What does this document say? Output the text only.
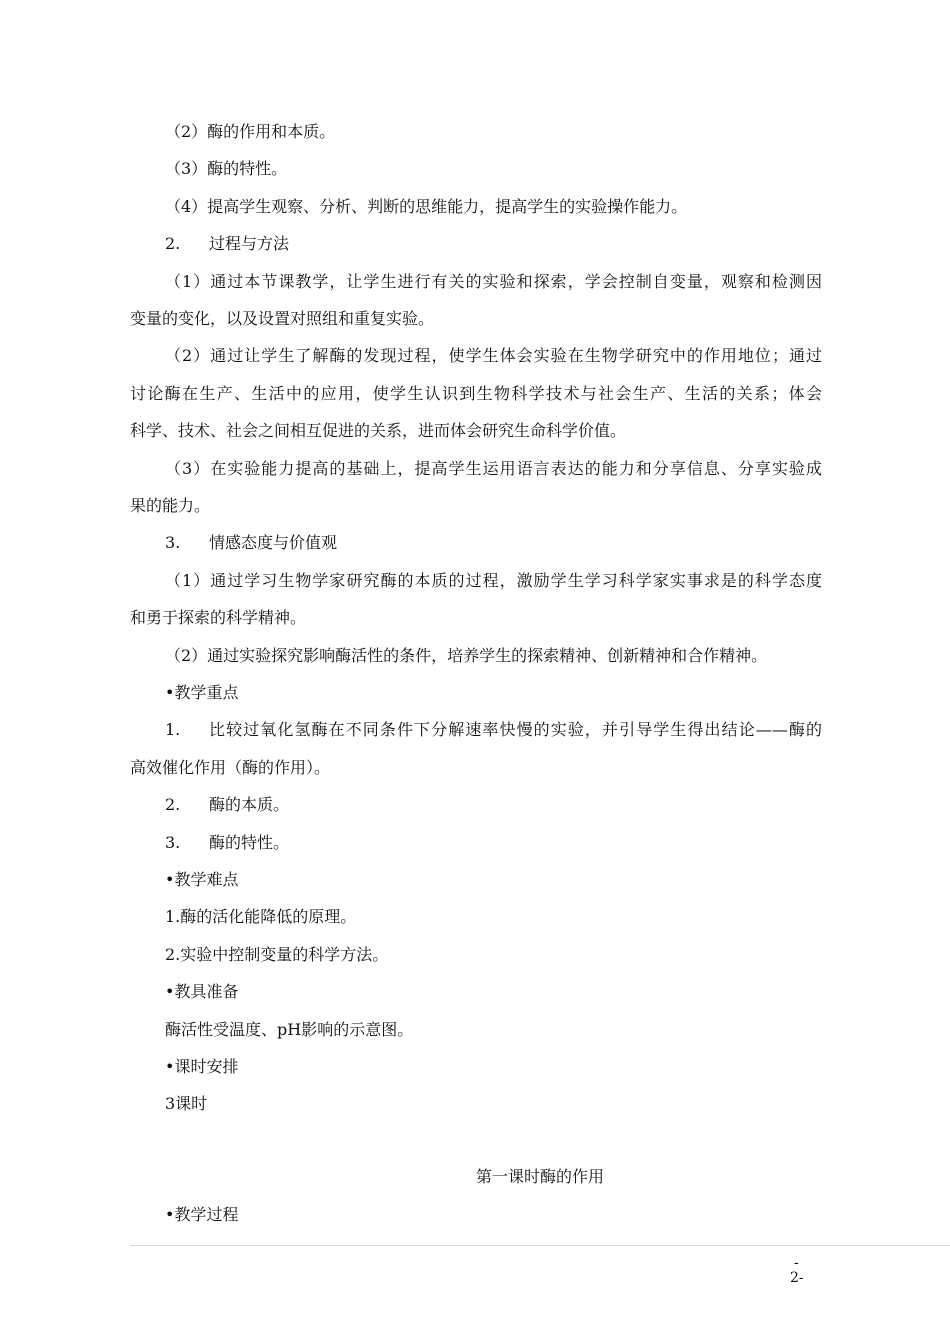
（2）酶的作用和本质。
（3）酶的特性。
（4）提高学生观察、分析、判断的思维能力，提高学生的实验操作能力。
2. 过程与方法
（1）通过本节课教学，让学生进行有关的实验和探索，学会控制自变量，观察和检测因
变量的变化，以及设置对照组和重复实验。
（2）通过让学生了解酶的发现过程，使学生体会实验在生物学研究中的作用地位；通过
讨论酶在生产、生活中的应用，使学生认识到生物科学技术与社会生产、生活的关系；体会
科学、技术、社会之间相互促进的关系，进而体会研究生命科学价值。
（3）在实验能力提高的基础上，提高学生运用语言表达的能力和分享信息、分享实验成
果的能力。
3. 情感态度与价值观
（1）通过学习生物学家研究酶的本质的过程，激励学生学习科学家实事求是的科学态度
和勇于探索的科学精神。
（2）通过实验探究影响酶活性的条件，培养学生的探索精神、创新精神和合作精神。
•教学重点
1.	比较过氧化氢酶在不同条件下分解速率快慢的实验，并引导学生得出结论——酶的
高效催化作用（酶的作用）。
2. 酶的本质。
3. 酶的特性。
•教学难点
1.酶的活化能降低的原理。
2.实验中控制变量的科学方法。
•教具准备
酶活性受温度、pH影响的示意图。
•课时安排
3课时
第一课时酶的作用
•教学过程
-
2-
